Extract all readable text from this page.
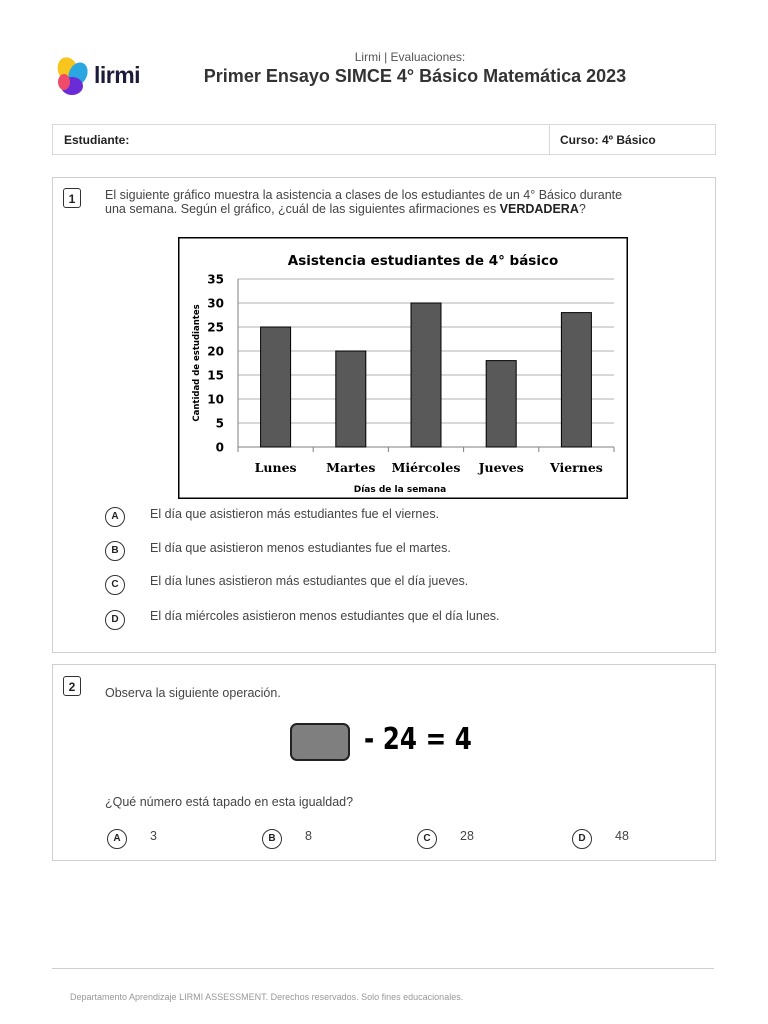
lirmi
Lirmi | Evaluaciones:
Primer Ensayo SIMCE 4° Básico Matemática 2023
Estudiante:	Curso: 4º Básico
1	El siguiente gráfico muestra la asistencia a clases de los estudiantes de un 4° Básico durante
una semana. Según el gráfico, ¿cuál de las siguientes afirmaciones es VERDADERA?
Asistencia estudiantes de 4° básico
0
5
10
15
20
25
30
35
Lunes Martes Miércoles Jueves Viernes
Días de la semana
Cantidad de estudiantes
A	El día que asistieron más estudiantes fue el viernes.
B	El día que asistieron menos estudiantes fue el martes.
C	El día lunes asistieron más estudiantes que el día jueves.
D	El día miércoles asistieron menos estudiantes que el día lunes.
2	Observa la siguiente operación.
- 24 = 4
¿Qué número está tapado en esta igualdad?
A	3	B	8	C	28	D	48
Departamento Aprendizaje LIRMI ASSESSMENT. Derechos reservados. Solo fines educacionales.
